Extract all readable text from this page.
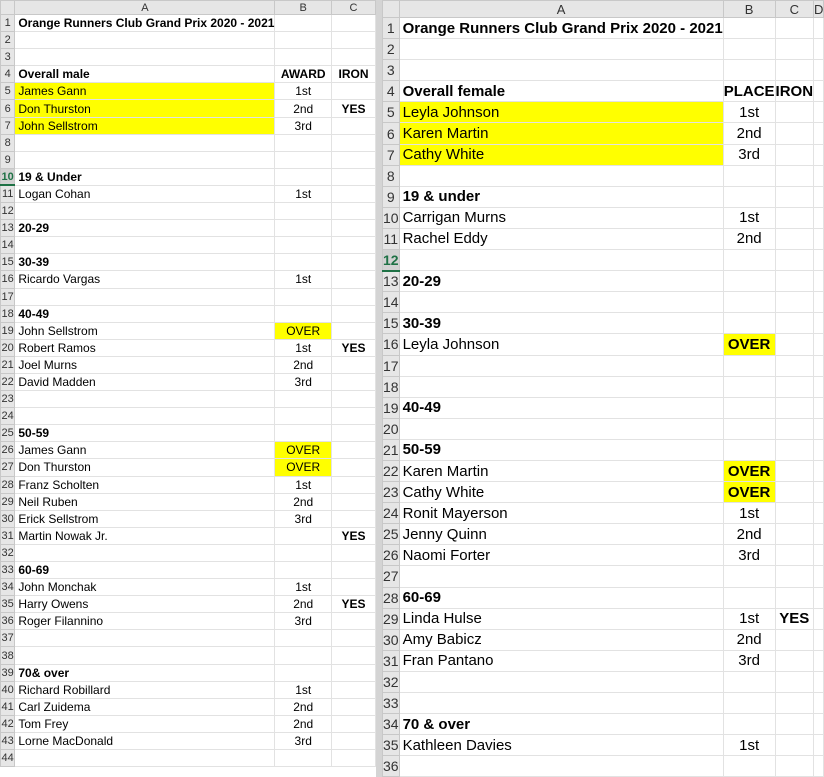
	A	B	C
1	Orange Runners Club Grand Prix 2020 - 2021		
2			
3			
4	Overall male	AWARD	IRON
5	James Gann	1st	
6	Don Thurston	2nd	YES
7	John Sellstrom	3rd	
8			
9			
10	19 & Under		
11	Logan Cohan	1st	
12			
13	20-29		
14			
15	30-39		
16	Ricardo Vargas	1st	
17			
18	40-49		
19	John Sellstrom	OVER	
20	Robert Ramos	1st	YES
21	Joel Murns	2nd	
22	David Madden	3rd	
23			
24			
25	50-59		
26	James Gann	OVER	
27	Don Thurston	OVER	
28	Franz Scholten	1st	
29	Neil Ruben	2nd	
30	Erick Sellstrom	3rd	
31	Martin Nowak Jr.		YES
32			
33	60-69		
34	John Monchak	1st	
35	Harry Owens	2nd	YES
36	Roger Filannino	3rd	
37			
38			
39	70& over		
40	Richard Robillard	1st	
41	Carl Zuidema	2nd	
42	Tom Frey	2nd	
43	Lorne MacDonald	3rd	
44			
	A	B	C	D
1	Orange Runners Club Grand Prix 2020 - 2021			
2				
3				
4	Overall female	PLACE	IRON	
5	Leyla Johnson	1st		
6	Karen Martin	2nd		
7	Cathy White	3rd		
8				
9	19 & under			
10	Carrigan Murns	1st		
11	Rachel Eddy	2nd		
12				
13	20-29			
14				
15	30-39			
16	Leyla Johnson	OVER		
17				
18				
19	40-49			
20				
21	50-59			
22	Karen Martin	OVER		
23	Cathy White	OVER		
24	Ronit Mayerson	1st		
25	Jenny Quinn	2nd		
26	Naomi Forter	3rd		
27				
28	60-69			
29	Linda Hulse	1st	YES	
30	Amy Babicz	2nd		
31	Fran Pantano	3rd		
32				
33				
34	70 & over			
35	Kathleen Davies	1st		
36				
